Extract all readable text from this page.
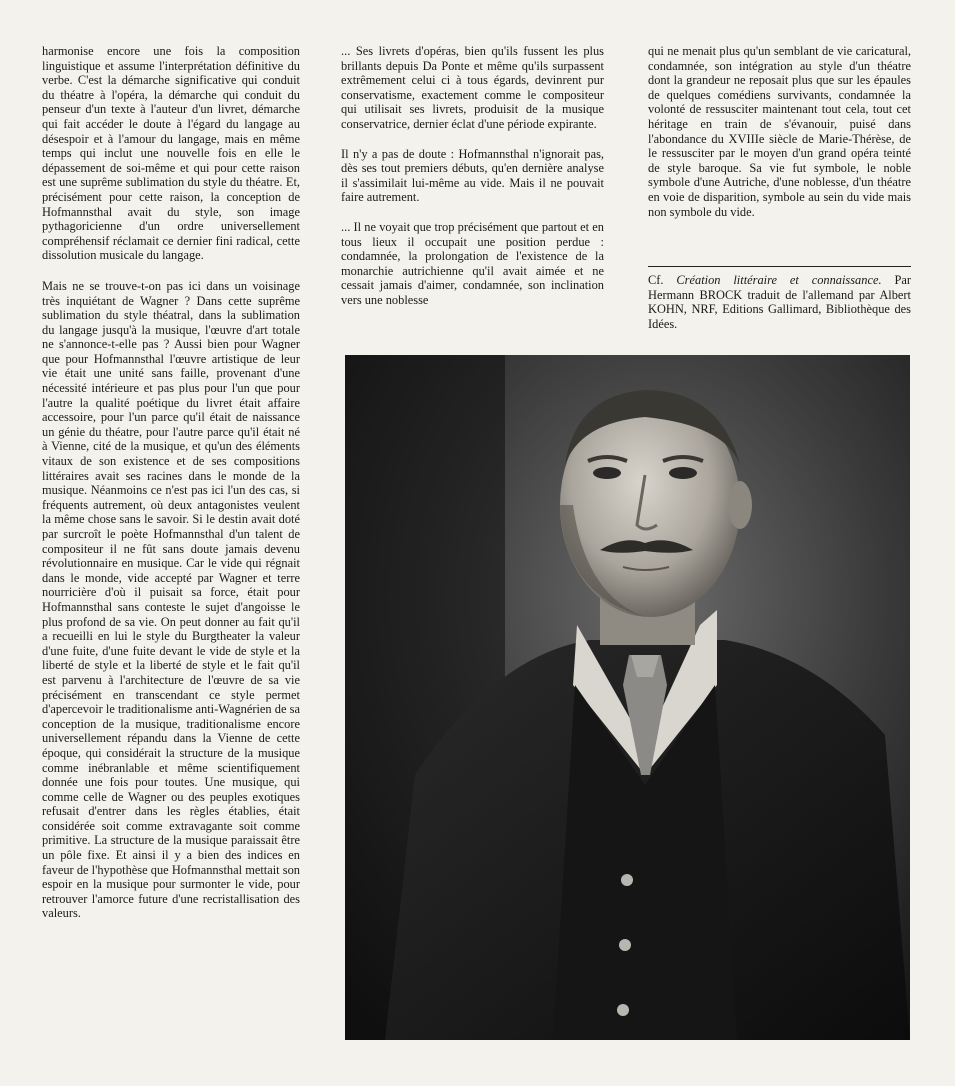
harmonise encore une fois la composition linguistique et assume l'interprétation définitive du verbe. C'est la démarche significative qui conduit du théatre à l'opéra, la démarche qui conduit du penseur d'un texte à l'auteur d'un livret, démarche qui fait accéder le doute à l'égard du langage au désespoir et à l'amour du langage, mais en même temps qui inclut une nouvelle fois en elle le dépassement de soi-même et qui pour cette raison est une suprême sublimation du style du théatre. Et, précisément pour cette raison, la conception de Hofmannsthal avait du style, son image pythagoricienne d'un ordre universellement compréhensif réclamait ce dernier fini radical, cette dissolution musicale du langage.

Mais ne se trouve-t-on pas ici dans un voisinage très inquiétant de Wagner ? Dans cette suprême sublimation du style théatral, dans la sublimation du langage jusqu'à la musique, l'œuvre d'art totale ne s'annonce-t-elle pas ? Aussi bien pour Wagner que pour Hofmannsthal l'œuvre artistique de leur vie était une unité sans faille, provenant d'une nécessité intérieure et pas plus pour l'un que pour l'autre la qualité poétique du livret était affaire accessoire, pour l'un parce qu'il était de naissance un génie du théatre, pour l'autre parce qu'il était né à Vienne, cité de la musique, et qu'un des éléments vitaux de son existence et de ses compositions littéraires avait ses racines dans le monde de la musique. Néanmoins ce n'est pas ici l'un des cas, si fréquents autrement, où deux antagonistes veulent la même chose sans le savoir. Si le destin avait doté par surcroît le poète Hofmannsthal d'un talent de compositeur il ne fût sans doute jamais devenu révolutionnaire en musique. Car le vide qui régnait dans le monde, vide accepté par Wagner et terre nourricière d'où il puisait sa force, était pour Hofmannsthal sans conteste le sujet d'angoisse le plus profond de sa vie. On peut donner au fait qu'il a recueilli en lui le style du Burgtheater la valeur d'une fuite, d'une fuite devant le vide de style et la liberté de style et la liberté de style et le fait qu'il est parvenu à l'architecture de l'œuvre de sa vie précisément en transcendant ce style permet d'apercevoir le traditionalisme anti-Wagnérien de sa conception de la musique, traditionalisme encore universellement répandu dans la Vienne de cette époque, qui considérait la structure de la musique comme inébranlable et même scientifiquement donnée une fois pour toutes. Une musique, qui comme celle de Wagner ou des peuples exotiques refusait d'entrer dans les règles établies, était considérée soit comme extravagante soit comme primitive. La structure de la musique paraissait être un pôle fixe. Et ainsi il y a bien des indices en faveur de l'hypothèse que Hofmannsthal mettait son espoir en la musique pour surmonter le vide, pour retrouver l'amorce future d'une recristallisation des valeurs.

... Ses livrets d'opéras, bien qu'ils fussent les plus brillants depuis Da Ponte et même qu'ils surpassent extrêmement celui ci à tous égards, devinrent pur conservatisme, exactement comme le compositeur qui utilisait ses livrets, produisit de la musique conservatrice, dernier éclat d'une période expirante.

Il n'y a pas de doute : Hofmannsthal n'ignorait pas, dès ses tout premiers débuts, qu'en dernière analyse il s'assimilait lui-même au vide. Mais il ne pouvait faire autrement.

... Il ne voyait que trop précisément que partout et en tous lieux il occupait une position perdue : condamnée, la prolongation de l'existence de la monarchie autrichienne qu'il avait aimée et ne cessait jamais d'aimer, condamnée, son inclination vers une noblesse

qui ne menait plus qu'un semblant de vie caricatural, condamnée, son intégration au style d'un théatre dont la grandeur ne reposait plus que sur les épaules de quelques comédiens survivants, condamnée la volonté de ressusciter maintenant tout cela, tout cet héritage en train de s'évanouir, puisé dans l'abondance du XVIIIe siècle de Marie-Thérèse, de le ressusciter par le moyen d'un grand opéra teinté de style baroque. Sa vie fut symbole, le noble symbole d'une Autriche, d'une noblesse, d'un théatre en voie de disparition, symbole au sein du vide mais non symbole du vide.

Cf. Création littéraire et connaissance. Par Hermann BROCK traduit de l'allemand par Albert KOHN, NRF, Editions Gallimard, Bibliothèque des Idées.
